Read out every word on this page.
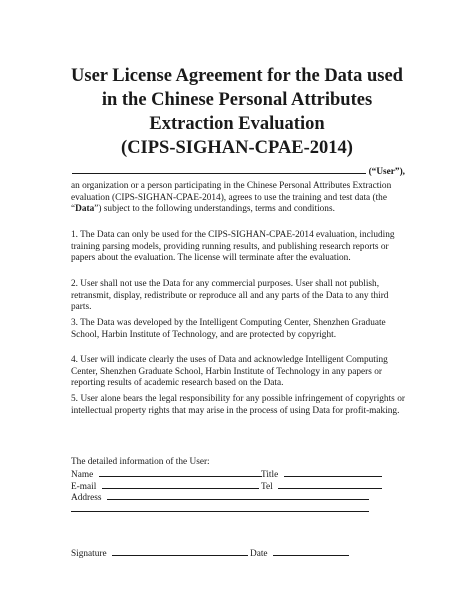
User License Agreement for the Data used
in the Chinese Personal Attributes
Extraction Evaluation
(CIPS-SIGHAN-CPAE-2014)
(“User”),

an organization or a person participating in the Chinese Personal Attributes Extraction evaluation (CIPS-SIGHAN-CPAE-2014), agrees to use the training and test data (the “Data”) subject to the following understandings, terms and conditions.

1. The Data can only be used for the CIPS-SIGHAN-CPAE-2014 evaluation, including training parsing models, providing running results, and publishing research reports or papers about the evaluation. The license will terminate after the evaluation.

2. User shall not use the Data for any commercial purposes. User shall not publish, retransmit, display, redistribute or reproduce all and any parts of the Data to any third parts.

3. The Data was developed by the Intelligent Computing Center, Shenzhen Graduate School, Harbin Institute of Technology, and are protected by copyright.

4. User will indicate clearly the uses of Data and acknowledge Intelligent Computing Center, Shenzhen Graduate School, Harbin Institute of Technology in any papers or reporting results of academic research based on the Data.

5. User alone bears the legal responsibility for any possible infringement of copyrights or intellectual property rights that may arise in the process of using Data for profit-making.

The detailed information of the User:
Name	Title
E-mail	Tel
Address
Signature	Date
